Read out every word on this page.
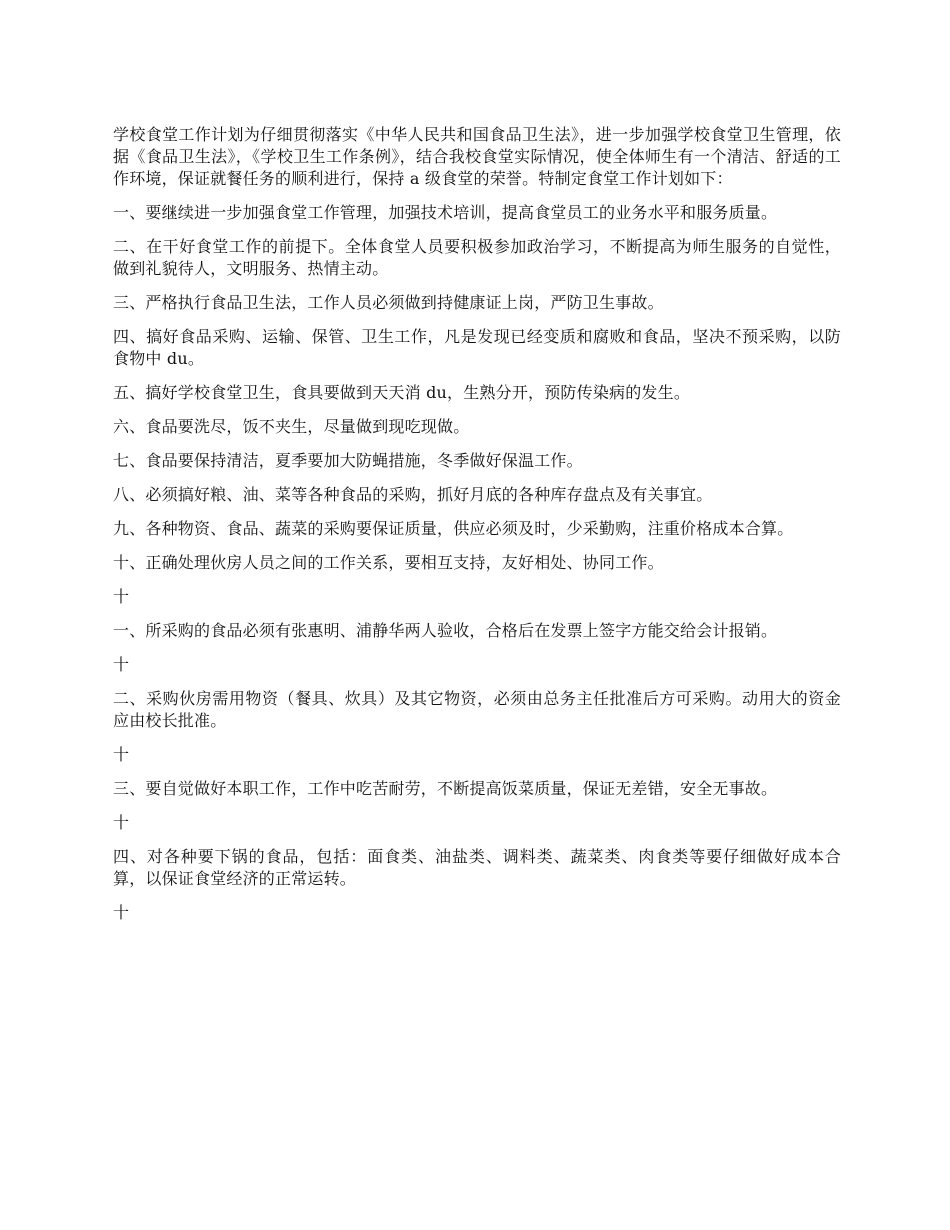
学校食堂工作计划为仔细贯彻落实《中华人民共和国食品卫生法》，进一步加强学校食堂卫生管理，依据《食品卫生法》，《学校卫生工作条例》，结合我校食堂实际情况，使全体师生有一个清洁、舒适的工作环境，保证就餐任务的顺利进行，保持 a 级食堂的荣誉。特制定食堂工作计划如下：

一、要继续进一步加强食堂工作管理，加强技术培训，提高食堂员工的业务水平和服务质量。

二、在干好食堂工作的前提下。全体食堂人员要积极参加政治学习，不断提高为师生服务的自觉性，做到礼貌待人，文明服务、热情主动。

三、严格执行食品卫生法，工作人员必须做到持健康证上岗，严防卫生事故。

四、搞好食品采购、运输、保管、卫生工作，凡是发现已经变质和腐败和食品，坚决不预采购，以防食物中 du。

五、搞好学校食堂卫生，食具要做到天天消 du，生熟分开，预防传染病的发生。

六、食品要洗尽，饭不夹生，尽量做到现吃现做。

七、食品要保持清洁，夏季要加大防蝇措施，冬季做好保温工作。

八、必须搞好粮、油、菜等各种食品的采购，抓好月底的各种库存盘点及有关事宜。

九、各种物资、食品、蔬菜的采购要保证质量，供应必须及时，少采勤购，注重价格成本合算。

十、正确处理伙房人员之间的工作关系，要相互支持，友好相处、协同工作。

十

一、所采购的食品必须有张惠明、浦静华两人验收，合格后在发票上签字方能交给会计报销。

十

二、采购伙房需用物资（餐具、炊具）及其它物资，必须由总务主任批准后方可采购。动用大的资金应由校长批准。

十

三、要自觉做好本职工作，工作中吃苦耐劳，不断提高饭菜质量，保证无差错，安全无事故。

十

四、对各种要下锅的食品，包括：面食类、油盐类、调料类、蔬菜类、肉食类等要仔细做好成本合算，以保证食堂经济的正常运转。

十
